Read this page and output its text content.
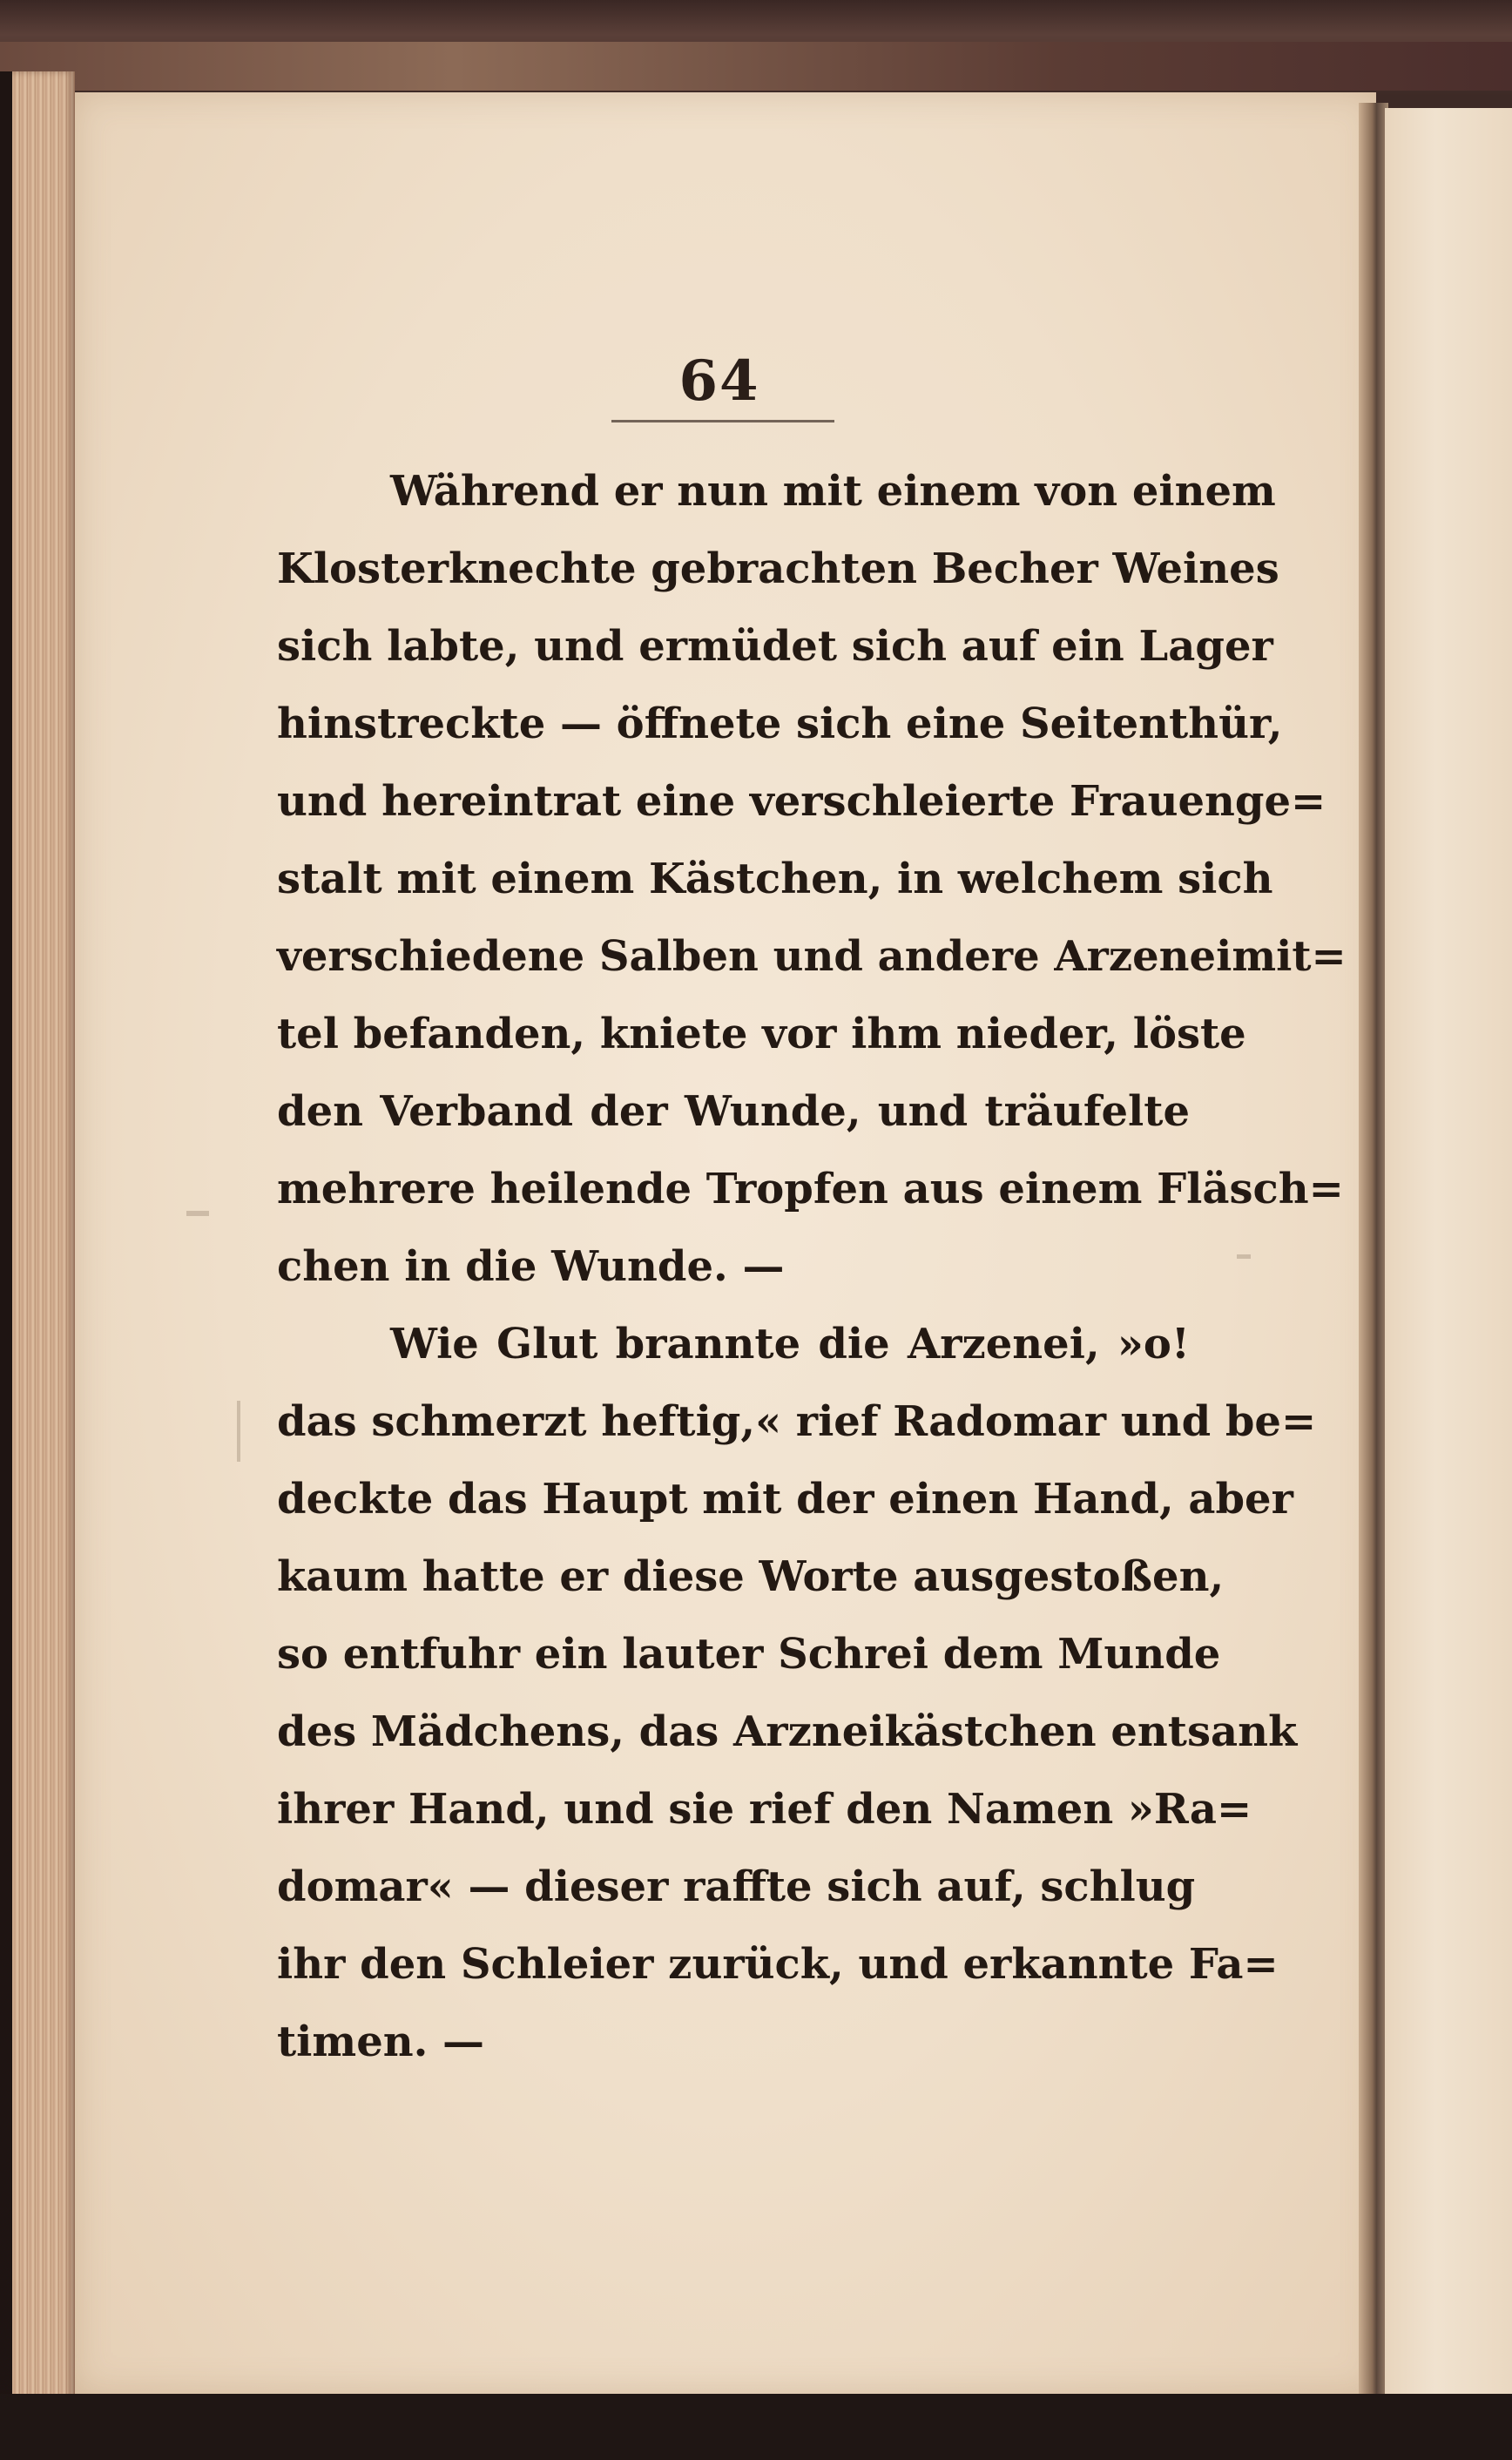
64
Während er nun mit einem von einem
Klosterknechte gebrachten Becher Weines
sich labte, und ermüdet sich auf ein Lager
hinstreckte — öffnete sich eine Seitenthür,
und hereintrat eine verschleierte Frauenge=
stalt mit einem Kästchen, in welchem sich
verschiedene Salben und andere Arzeneimit=
tel befanden, kniete vor ihm nieder, löste
den Verband der Wunde, und träufelte
mehrere heilende Tropfen aus einem Fläsch=
chen in die Wunde. —
Wie Glut brannte die Arzenei, »o!
das schmerzt heftig,« rief Radomar und be=
deckte das Haupt mit der einen Hand, aber
kaum hatte er diese Worte ausgestoßen,
so entfuhr ein lauter Schrei dem Munde
des Mädchens, das Arzneikästchen entsank
ihrer Hand, und sie rief den Namen »Ra=
domar« — dieser raffte sich auf, schlug
ihr den Schleier zurück, und erkannte Fa=
timen. —
